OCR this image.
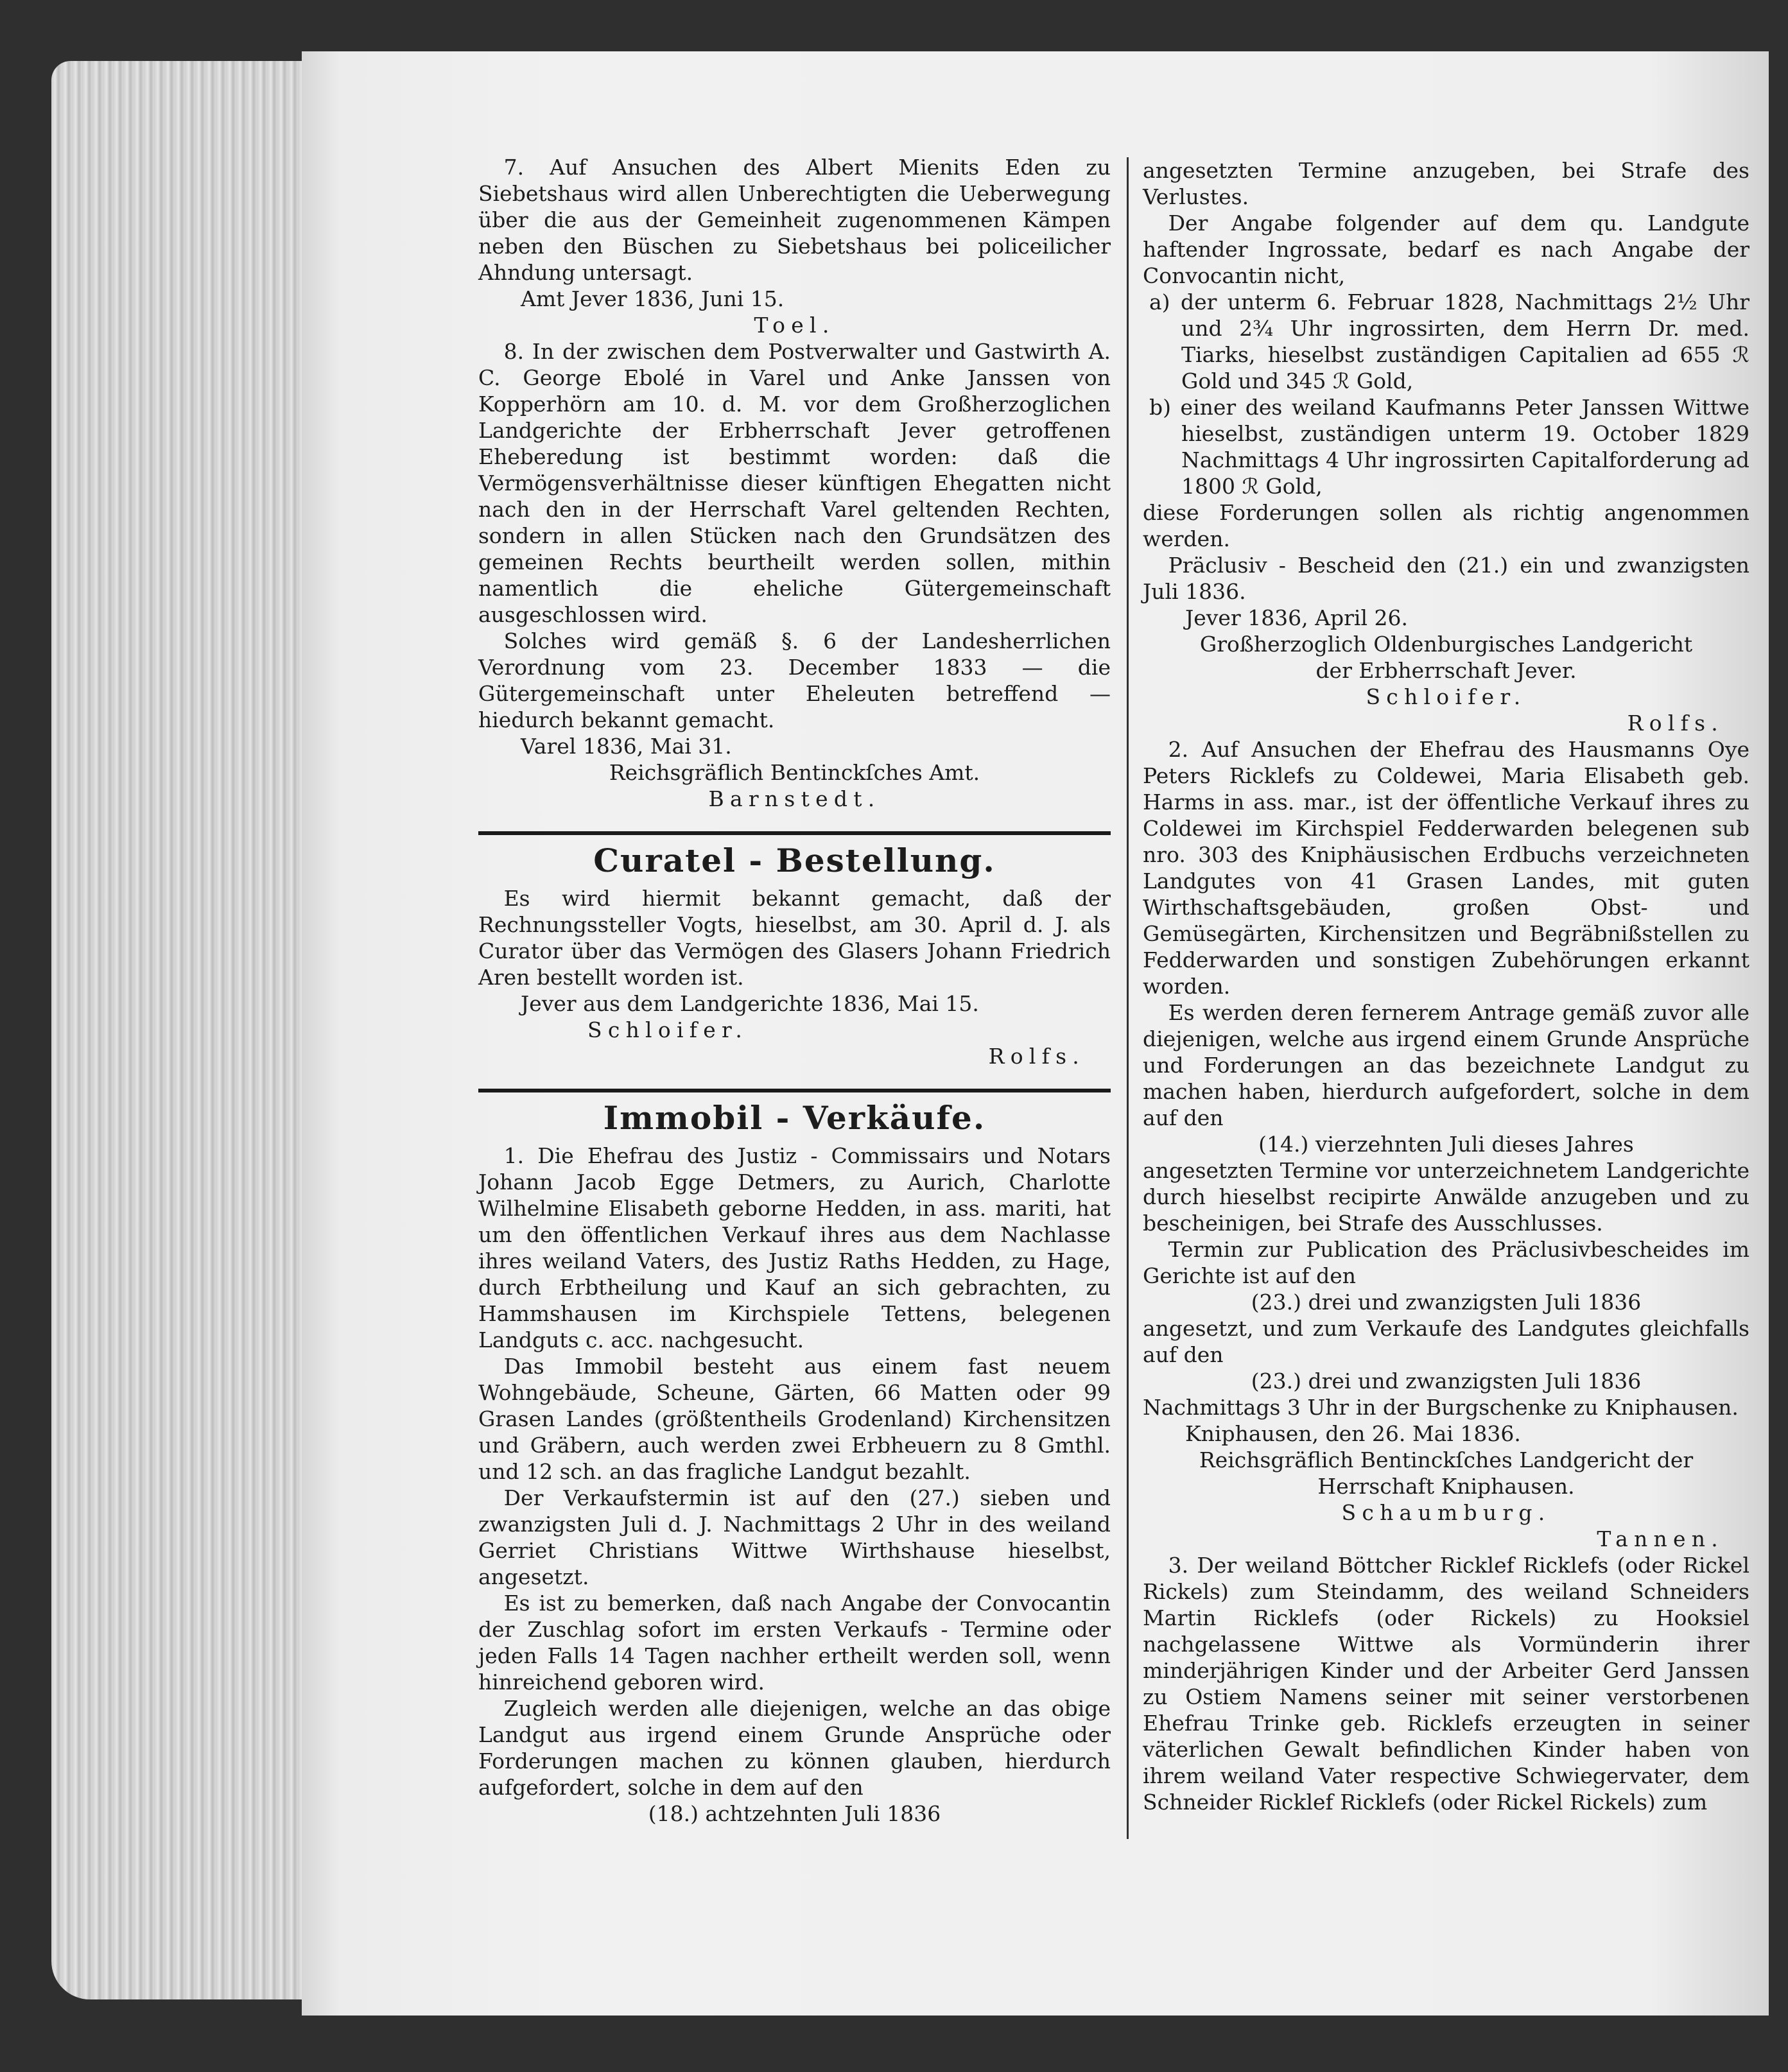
7. Auf Ansuchen des Albert Mienits Eden zu Siebetshaus wird allen Unberechtigten die Ueberwegung über die aus der Gemeinheit zugenommenen Kämpen neben den Büschen zu Siebetshaus bei policeilicher Ahndung untersagt.

Amt Jever 1836, Juni 15.

Toel.

8. In der zwischen dem Postverwalter und Gastwirth A. C. George Ebolé in Varel und Anke Janssen von Kopperhörn am 10. d. M. vor dem Großherzoglichen Landgerichte der Erbherrschaft Jever getroffenen Eheberedung ist bestimmt worden: daß die Vermögensverhältnisse dieser künftigen Ehegatten nicht nach den in der Herrschaft Varel geltenden Rechten, sondern in allen Stücken nach den Grundsätzen des gemeinen Rechts beurtheilt werden sollen, mithin namentlich die eheliche Gütergemeinschaft ausgeschlossen wird.

Solches wird gemäß §. 6 der Landesherrlichen Verordnung vom 23. December 1833 — die Gütergemeinschaft unter Eheleuten betreffend — hiedurch bekannt gemacht.

Varel 1836, Mai 31.

Reichsgräflich Bentinckſches Amt.

Barnstedt.

Curatel - Bestellung.

Es wird hiermit bekannt gemacht, daß der Rechnungssteller Vogts, hieselbst, am 30. April d. J. als Curator über das Vermögen des Glasers Johann Friedrich Aren bestellt worden ist.

Jever aus dem Landgerichte 1836, Mai 15.

Schloifer.

Rolfs.

Immobil - Verkäufe.

1. Die Ehefrau des Justiz - Commissairs und Notars Johann Jacob Egge Detmers, zu Aurich, Charlotte Wilhelmine Elisabeth geborne Hedden, in ass. mariti, hat um den öffentlichen Verkauf ihres aus dem Nachlasse ihres weiland Vaters, des Justiz Raths Hedden, zu Hage, durch Erbtheilung und Kauf an sich gebrachten, zu Hammshausen im Kirchspiele Tettens, belegenen Landguts c. acc. nachgesucht.

Das Immobil besteht aus einem fast neuem Wohngebäude, Scheune, Gärten, 66 Matten oder 99 Grasen Landes (größtentheils Grodenland) Kirchensitzen und Gräbern, auch werden zwei Erbheuern zu 8 Gmthl. und 12 sch. an das fragliche Landgut bezahlt.

Der Verkaufstermin ist auf den (27.) sieben und zwanzigsten Juli d. J. Nachmittags 2 Uhr in des weiland Gerriet Christians Wittwe Wirthshause hieselbst, angesetzt.

Es ist zu bemerken, daß nach Angabe der Convocantin der Zuschlag sofort im ersten Verkaufs - Termine oder jeden Falls 14 Tagen nachher ertheilt werden soll, wenn hinreichend geboren wird.

Zugleich werden alle diejenigen, welche an das obige Landgut aus irgend einem Grunde Ansprüche oder Forderungen machen zu können glauben, hierdurch aufgefordert, solche in dem auf den

(18.) achtzehnten Juli 1836

angesetzten Termine anzugeben, bei Strafe des Verlustes.

Der Angabe folgender auf dem qu. Landgute haftender Ingrossate, bedarf es nach Angabe der Convocantin nicht,

a) der unterm 6. Februar 1828, Nachmittags 2½ Uhr und 2¾ Uhr ingrossirten, dem Herrn Dr. med. Tiarks, hieselbst zuständigen Capitalien ad 655 ℛ Gold und 345 ℛ Gold,

b) einer des weiland Kaufmanns Peter Janssen Wittwe hieselbst, zuständigen unterm 19. October 1829 Nachmittags 4 Uhr ingrossirten Capitalforderung ad 1800 ℛ Gold,

diese Forderungen sollen als richtig angenommen werden.

Präclusiv - Bescheid den (21.) ein und zwanzigsten Juli 1836.

Jever 1836, April 26.

Großherzoglich Oldenburgisches Landgericht

der Erbherrschaft Jever.

Schloifer.

Rolfs.

2. Auf Ansuchen der Ehefrau des Hausmanns Oye Peters Ricklefs zu Coldewei, Maria Elisabeth geb. Harms in ass. mar., ist der öffentliche Verkauf ihres zu Coldewei im Kirchspiel Fedderwarden belegenen sub nro. 303 des Kniphäusischen Erdbuchs verzeichneten Landgutes von 41 Grasen Landes, mit guten Wirthschaftsgebäuden, großen Obst- und Gemüsegärten, Kirchensitzen und Begräbnißstellen zu Fedderwarden und sonstigen Zubehörungen erkannt worden.

Es werden deren fernerem Antrage gemäß zuvor alle diejenigen, welche aus irgend einem Grunde Ansprüche und Forderungen an das bezeichnete Landgut zu machen haben, hierdurch aufgefordert, solche in dem auf den

(14.) vierzehnten Juli dieses Jahres

angesetzten Termine vor unterzeichnetem Landgerichte durch hieselbst recipirte Anwälde anzugeben und zu bescheinigen, bei Strafe des Ausschlusses.

Termin zur Publication des Präclusivbescheides im Gerichte ist auf den

(23.) drei und zwanzigsten Juli 1836

angesetzt, und zum Verkaufe des Landgutes gleichfalls auf den

(23.) drei und zwanzigsten Juli 1836

Nachmittags 3 Uhr in der Burgschenke zu Kniphausen.

Kniphausen, den 26. Mai 1836.

Reichsgräflich Bentinckſches Landgericht der

Herrschaft Kniphausen.

Schaumburg.

Tannen.

3. Der weiland Böttcher Ricklef Ricklefs (oder Rickel Rickels) zum Steindamm, des weiland Schneiders Martin Ricklefs (oder Rickels) zu Hooksiel nachgelassene Wittwe als Vormünderin ihrer minderjährigen Kinder und der Arbeiter Gerd Janssen zu Ostiem Namens seiner mit seiner verstorbenen Ehefrau Trinke geb. Ricklefs erzeugten in seiner väterlichen Gewalt befindlichen Kinder haben von ihrem weiland Vater respective Schwiegervater, dem Schneider Ricklef Ricklefs (oder Rickel Rickels) zum
